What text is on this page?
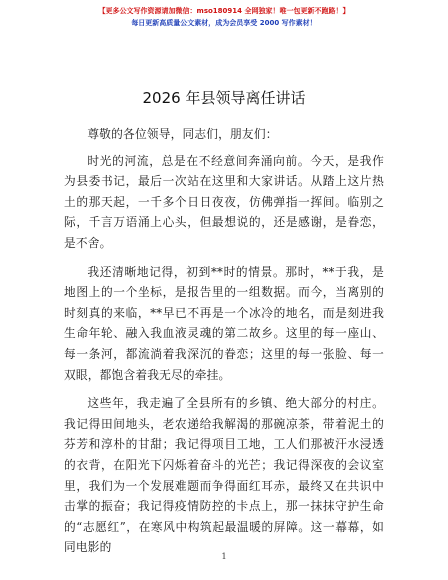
【更多公文写作资源请加微信：mso180914 全网独家！唯一包更新不跑路！】
每日更新高质量公文素材，成为会员享受 2000 写作素材！
2026 年县领导离任讲话

尊敬的各位领导，同志们，朋友们：

时光的河流，总是在不经意间奔涌向前。今天，是我作为县委书记，最后一次站在这里和大家讲话。从踏上这片热土的那天起，一千多个日日夜夜，仿佛弹指一挥间。临别之际，千言万语涌上心头，但最想说的，还是感谢，是眷恋，是不舍。

我还清晰地记得，初到**时的情景。那时，**于我，是地图上的一个坐标，是报告里的一组数据。而今，当离别的时刻真的来临，**早已不再是一个冰冷的地名，而是刻进我生命年轮、融入我血液灵魂的第二故乡。这里的每一座山、每一条河，都流淌着我深沉的眷恋；这里的每一张脸、每一双眼，都饱含着我无尽的牵挂。

这些年，我走遍了全县所有的乡镇、绝大部分的村庄。我记得田间地头，老农递给我解渴的那碗凉茶，带着泥土的芬芳和淳朴的甘甜；我记得项目工地，工人们那被汗水浸透的衣背，在阳光下闪烁着奋斗的光芒；我记得深夜的会议室里，我们为一个发展难题而争得面红耳赤，最终又在共识中击掌的振奋；我记得疫情防控的卡点上，那一抹抹守护生命的“志愿红”，在寒风中构筑起最温暖的屏障。这一幕幕，如同电影的

1
